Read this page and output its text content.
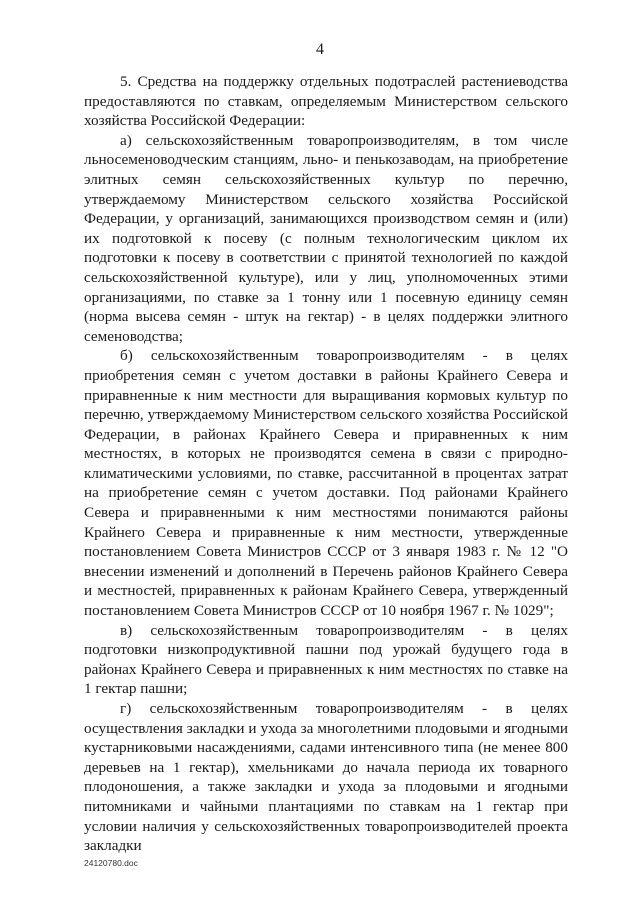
4

5. Средства на поддержку отдельных подотраслей растениеводства предоставляются по ставкам, определяемым Министерством сельского хозяйства Российской Федерации:

а) сельскохозяйственным товаропроизводителям, в том числе льносеменоводческим станциям, льно- и пенькозаводам, на приобретение элитных семян сельскохозяйственных культур по перечню, утверждаемому Министерством сельского хозяйства Российской Федерации, у организаций, занимающихся производством семян и (или) их подготовкой к посеву (с полным технологическим циклом их подготовки к посеву в соответствии с принятой технологией по каждой сельскохозяйственной культуре), или у лиц, уполномоченных этими организациями, по ставке за 1 тонну или 1 посевную единицу семян (норма высева семян - штук на гектар) - в целях поддержки элитного семеноводства;

б) сельскохозяйственным товаропроизводителям - в целях приобретения семян с учетом доставки в районы Крайнего Севера и приравненные к ним местности для выращивания кормовых культур по перечню, утверждаемому Министерством сельского хозяйства Российской Федерации, в районах Крайнего Севера и приравненных к ним местностях, в которых не производятся семена в связи с природно-климатическими условиями, по ставке, рассчитанной в процентах затрат на приобретение семян с учетом доставки. Под районами Крайнего Севера и приравненными к ним местностями понимаются районы Крайнего Севера и приравненные к ним местности, утвержденные постановлением Совета Министров СССР от 3 января 1983 г. № 12 "О внесении изменений и дополнений в Перечень районов Крайнего Севера и местностей, приравненных к районам Крайнего Севера, утвержденный постановлением Совета Министров СССР от 10 ноября 1967 г. № 1029";

в) сельскохозяйственным товаропроизводителям - в целях подготовки низкопродуктивной пашни под урожай будущего года в районах Крайнего Севера и приравненных к ним местностях по ставке на 1 гектар пашни;

г) сельскохозяйственным товаропроизводителям - в целях осуществления закладки и ухода за многолетними плодовыми и ягодными кустарниковыми насаждениями, садами интенсивного типа (не менее 800 деревьев на 1 гектар), хмельниками до начала периода их товарного плодоношения, а также закладки и ухода за плодовыми и ягодными питомниками и чайными плантациями по ставкам на 1 гектар при условии наличия у сельскохозяйственных товаропроизводителей проекта закладки

24120780.doc
